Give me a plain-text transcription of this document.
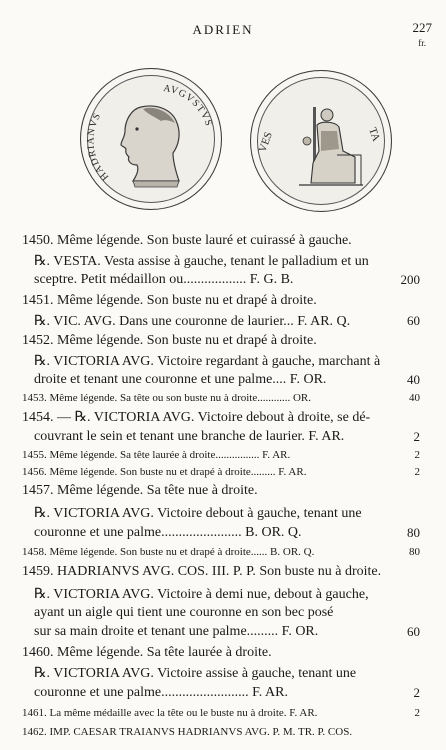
ADRIEN	227
fr.
HADRIANVS
AVGVSTVS
VES	TA
1450. Même légende. Son buste lauré et cuirassé à gauche.
℞. VESTA. Vesta assise à gauche, tenant le palladium et un
sceptre. Petit médaillon ou.................. F. G. B.	200
1451. Même légende. Son buste nu et drapé à droite.
℞. VIC. AVG. Dans une couronne de laurier... F. AR. Q.	60
1452. Même légende. Son buste nu et drapé à droite.
℞. VICTORIA AVG. Victoire regardant à gauche, marchant à
droite et tenant une couronne et une palme.... F. OR.	40
1453. Même légende. Sa tête ou son buste nu à droite............ OR.	40
1454. — ℞. VICTORIA AVG. Victoire debout à droite, se dé-
couvrant le sein et tenant une branche de laurier. F. AR.	2
1455. Même légende. Sa tête laurée à droite................ F. AR.	2
1456. Même légende. Son buste nu et drapé à droite......... F. AR.	2
1457. Même légende. Sa tête nue à droite.
℞. VICTORIA AVG. Victoire debout à gauche, tenant une
couronne et une palme....................... B. OR. Q.	80
1458. Même légende. Son buste nu et drapé à droite...... B. OR. Q.	80
1459. HADRIANVS AVG. COS. III. P. P. Son buste nu à droite.
℞. VICTORIA AVG. Victoire à demi nue, debout à gauche,
ayant un aigle qui tient une couronne en son bec posé
sur sa main droite et tenant une palme......... F. OR.	60
1460. Même légende. Sa tête laurée à droite.
℞. VICTORIA AVG. Victoire assise à gauche, tenant une
couronne et une palme......................... F. AR.	2
1461. La même médaille avec la tête ou le buste nu à droite. F. AR.	2
1462. IMP. CAESAR TRAIANVS HADRIANVS AVG. P. M. TR. P. COS.
